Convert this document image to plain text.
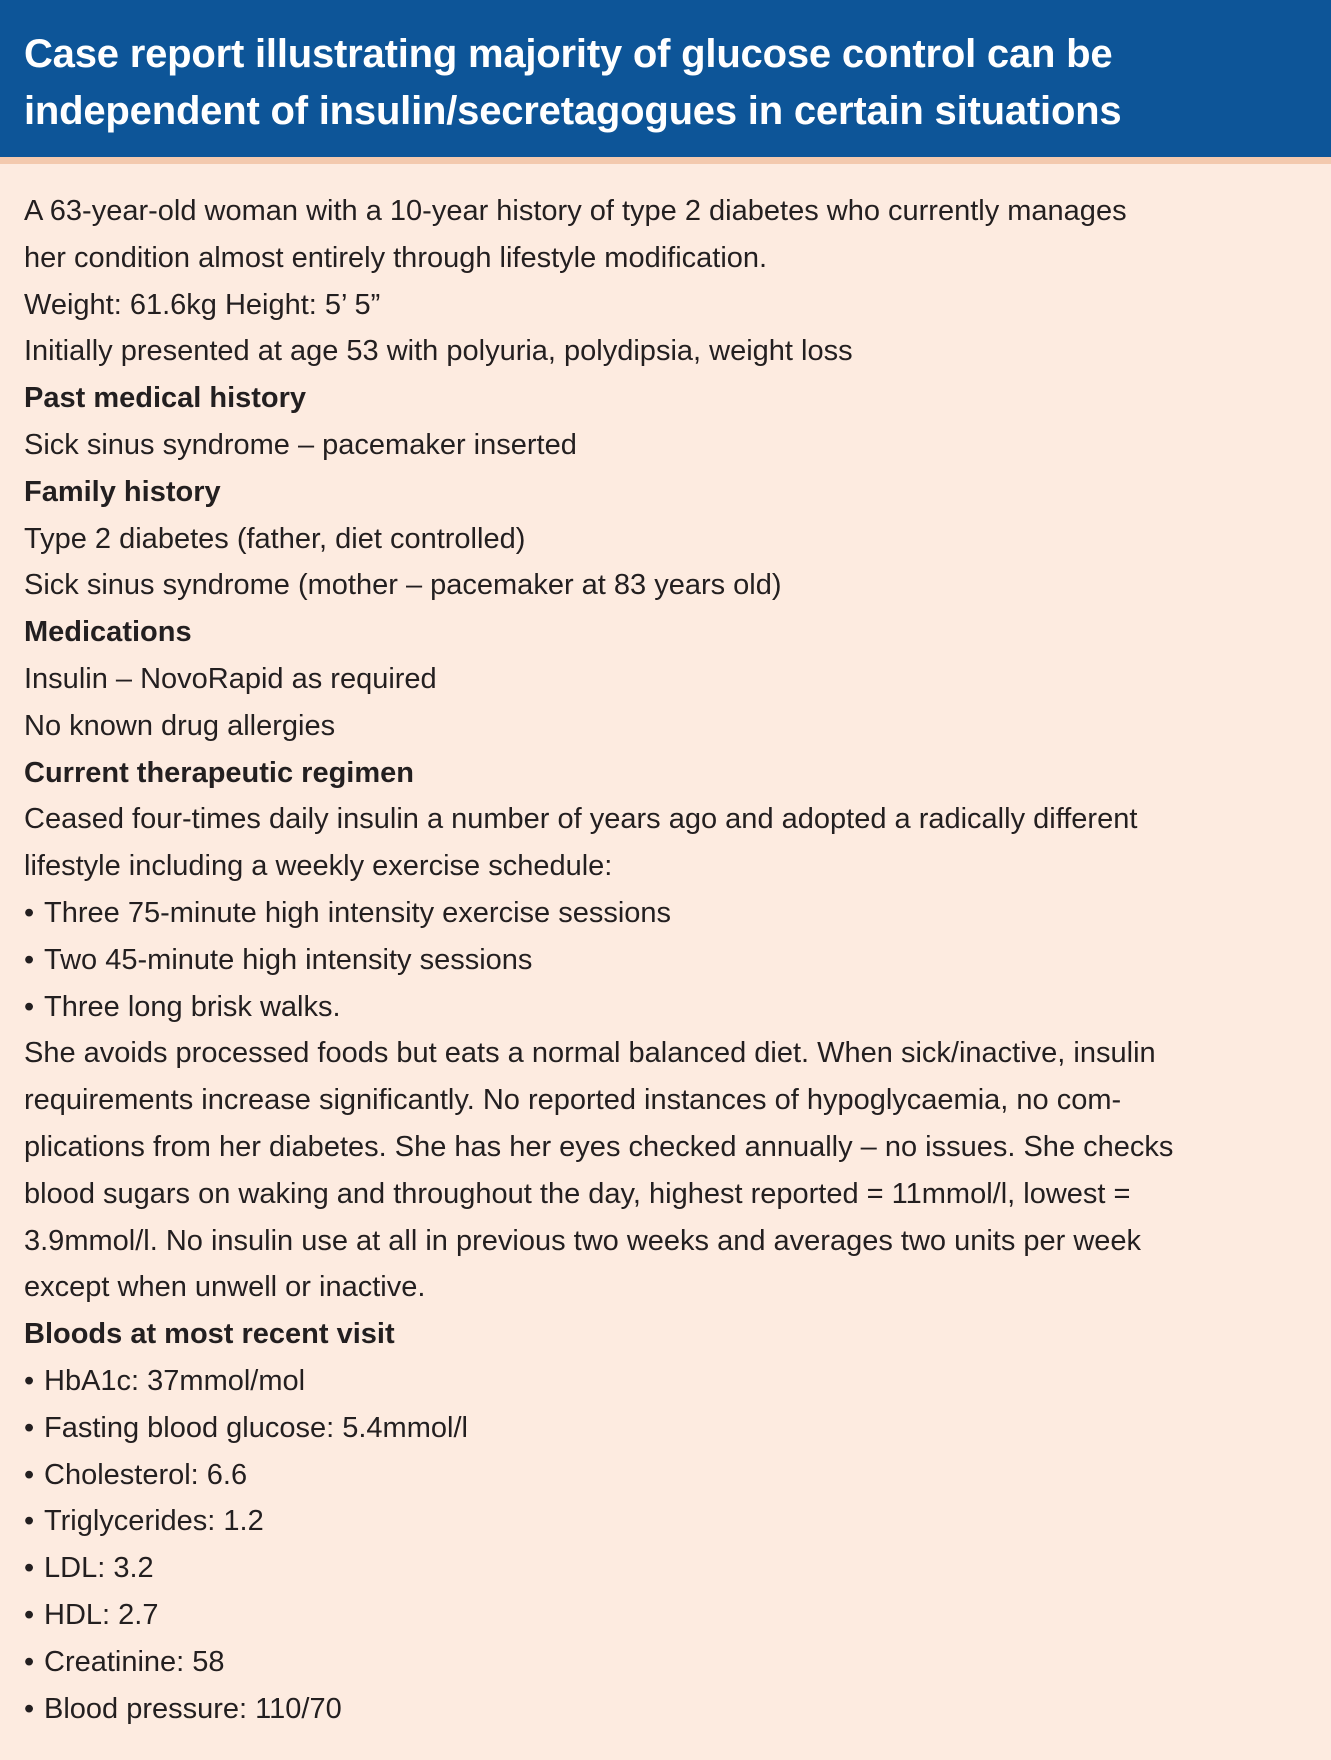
Case report illustrating majority of glucose control can be
independent of insulin/secretagogues in certain situations
A 63-year-old woman with a 10-year history of type 2 diabetes who currently manages
her condition almost entirely through lifestyle modification.
Weight: 61.6kg Height: 5’ 5”
Initially presented at age 53 with polyuria, polydipsia, weight loss
Past medical history
Sick sinus syndrome – pacemaker inserted
Family history
Type 2 diabetes (father, diet controlled)
Sick sinus syndrome (mother – pacemaker at 83 years old)
Medications
Insulin – NovoRapid as required
No known drug allergies
Current therapeutic regimen
Ceased four-times daily insulin a number of years ago and adopted a radically different
lifestyle including a weekly exercise schedule:
• Three 75-minute high intensity exercise sessions
• Two 45-minute high intensity sessions
• Three long brisk walks.
She avoids processed foods but eats a normal balanced diet. When sick/inactive, insulin
requirements increase significantly. No reported instances of hypoglycaemia, no com-
plications from her diabetes. She has her eyes checked annually – no issues. She checks
blood sugars on waking and throughout the day, highest reported = 11mmol/l, lowest =
3.9mmol/l. No insulin use at all in previous two weeks and averages two units per week
except when unwell or inactive.
Bloods at most recent visit
• HbA1c: 37mmol/mol
• Fasting blood glucose: 5.4mmol/l
• Cholesterol: 6.6
• Triglycerides: 1.2
• LDL: 3.2
• HDL: 2.7
• Creatinine: 58
• Blood pressure: 110/70
